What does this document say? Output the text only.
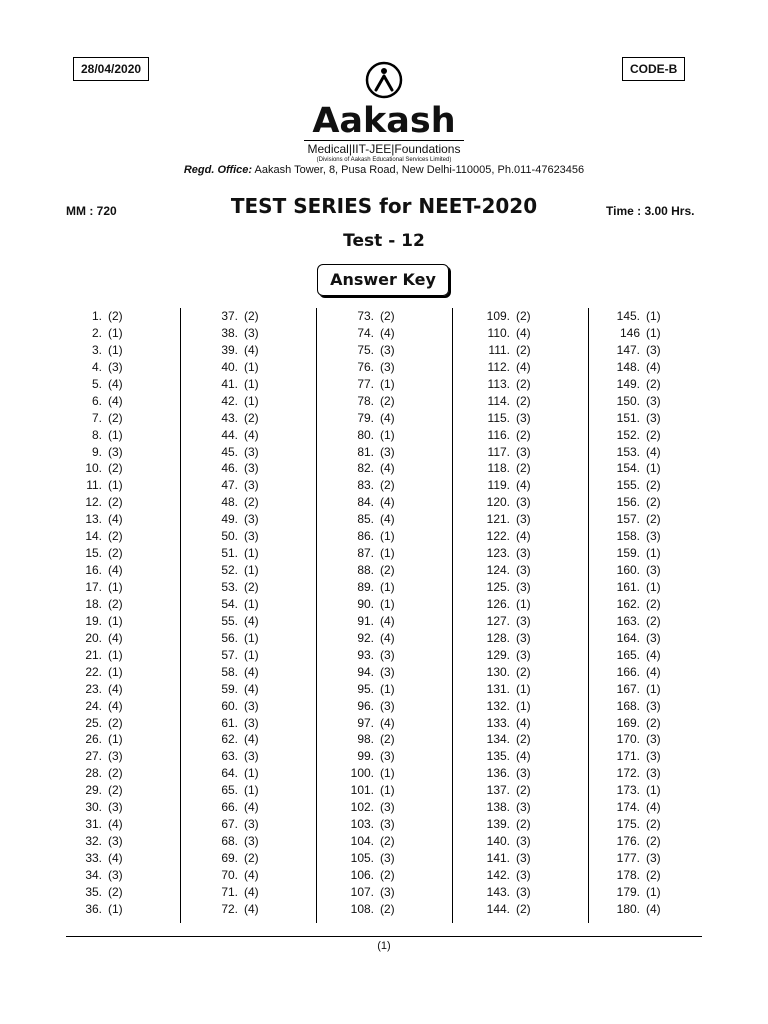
28/04/2020	CODE-B
Aakash
Medical|IIT-JEE|Foundations
(Divisions of Aakash Educational Services Limited)
Regd. Office: Aakash Tower, 8, Pusa Road, New Delhi-110005, Ph.011-47623456
MM : 720	TEST SERIES for NEET-2020	Time : 3.00 Hrs.
Test - 12
Answer Key
1. (2)
2. (1)
3. (1)
4. (3)
5. (4)
6. (4)
7. (2)
8. (1)
9. (3)
10. (2)
11. (1)
12. (2)
13. (4)
14. (2)
15. (2)
16. (4)
17. (1)
18. (2)
19. (1)
20. (4)
21. (1)
22. (1)
23. (4)
24. (4)
25. (2)
26. (1)
27. (3)
28. (2)
29. (2)
30. (3)
31. (4)
32. (3)
33. (4)
34. (3)
35. (2)
36. (1)
37. (2)
38. (3)
39. (4)
40. (1)
41. (1)
42. (1)
43. (2)
44. (4)
45. (3)
46. (3)
47. (3)
48. (2)
49. (3)
50. (3)
51. (1)
52. (1)
53. (2)
54. (1)
55. (4)
56. (1)
57. (1)
58. (4)
59. (4)
60. (3)
61. (3)
62. (4)
63. (3)
64. (1)
65. (1)
66. (4)
67. (3)
68. (3)
69. (2)
70. (4)
71. (4)
72. (4)
73. (2)
74. (4)
75. (3)
76. (3)
77. (1)
78. (2)
79. (4)
80. (1)
81. (3)
82. (4)
83. (2)
84. (4)
85. (4)
86. (1)
87. (1)
88. (2)
89. (1)
90. (1)
91. (4)
92. (4)
93. (3)
94. (3)
95. (1)
96. (3)
97. (4)
98. (2)
99. (3)
100. (1)
101. (1)
102. (3)
103. (3)
104. (2)
105. (3)
106. (2)
107. (3)
108. (2)
109. (2)
110. (4)
111. (2)
112. (4)
113. (2)
114. (2)
115. (3)
116. (2)
117. (3)
118. (2)
119. (4)
120. (3)
121. (3)
122. (4)
123. (3)
124. (3)
125. (3)
126. (1)
127. (3)
128. (3)
129. (3)
130. (2)
131. (1)
132. (1)
133. (4)
134. (2)
135. (4)
136. (3)
137. (2)
138. (3)
139. (2)
140. (3)
141. (3)
142. (3)
143. (3)
144. (2)
145. (1)
146 (1)
147. (3)
148. (4)
149. (2)
150. (3)
151. (3)
152. (2)
153. (4)
154. (1)
155. (2)
156. (2)
157. (2)
158. (3)
159. (1)
160. (3)
161. (1)
162. (2)
163. (2)
164. (3)
165. (4)
166. (4)
167. (1)
168. (3)
169. (2)
170. (3)
171. (3)
172. (3)
173. (1)
174. (4)
175. (2)
176. (2)
177. (3)
178. (2)
179. (1)
180. (4)
(1)
